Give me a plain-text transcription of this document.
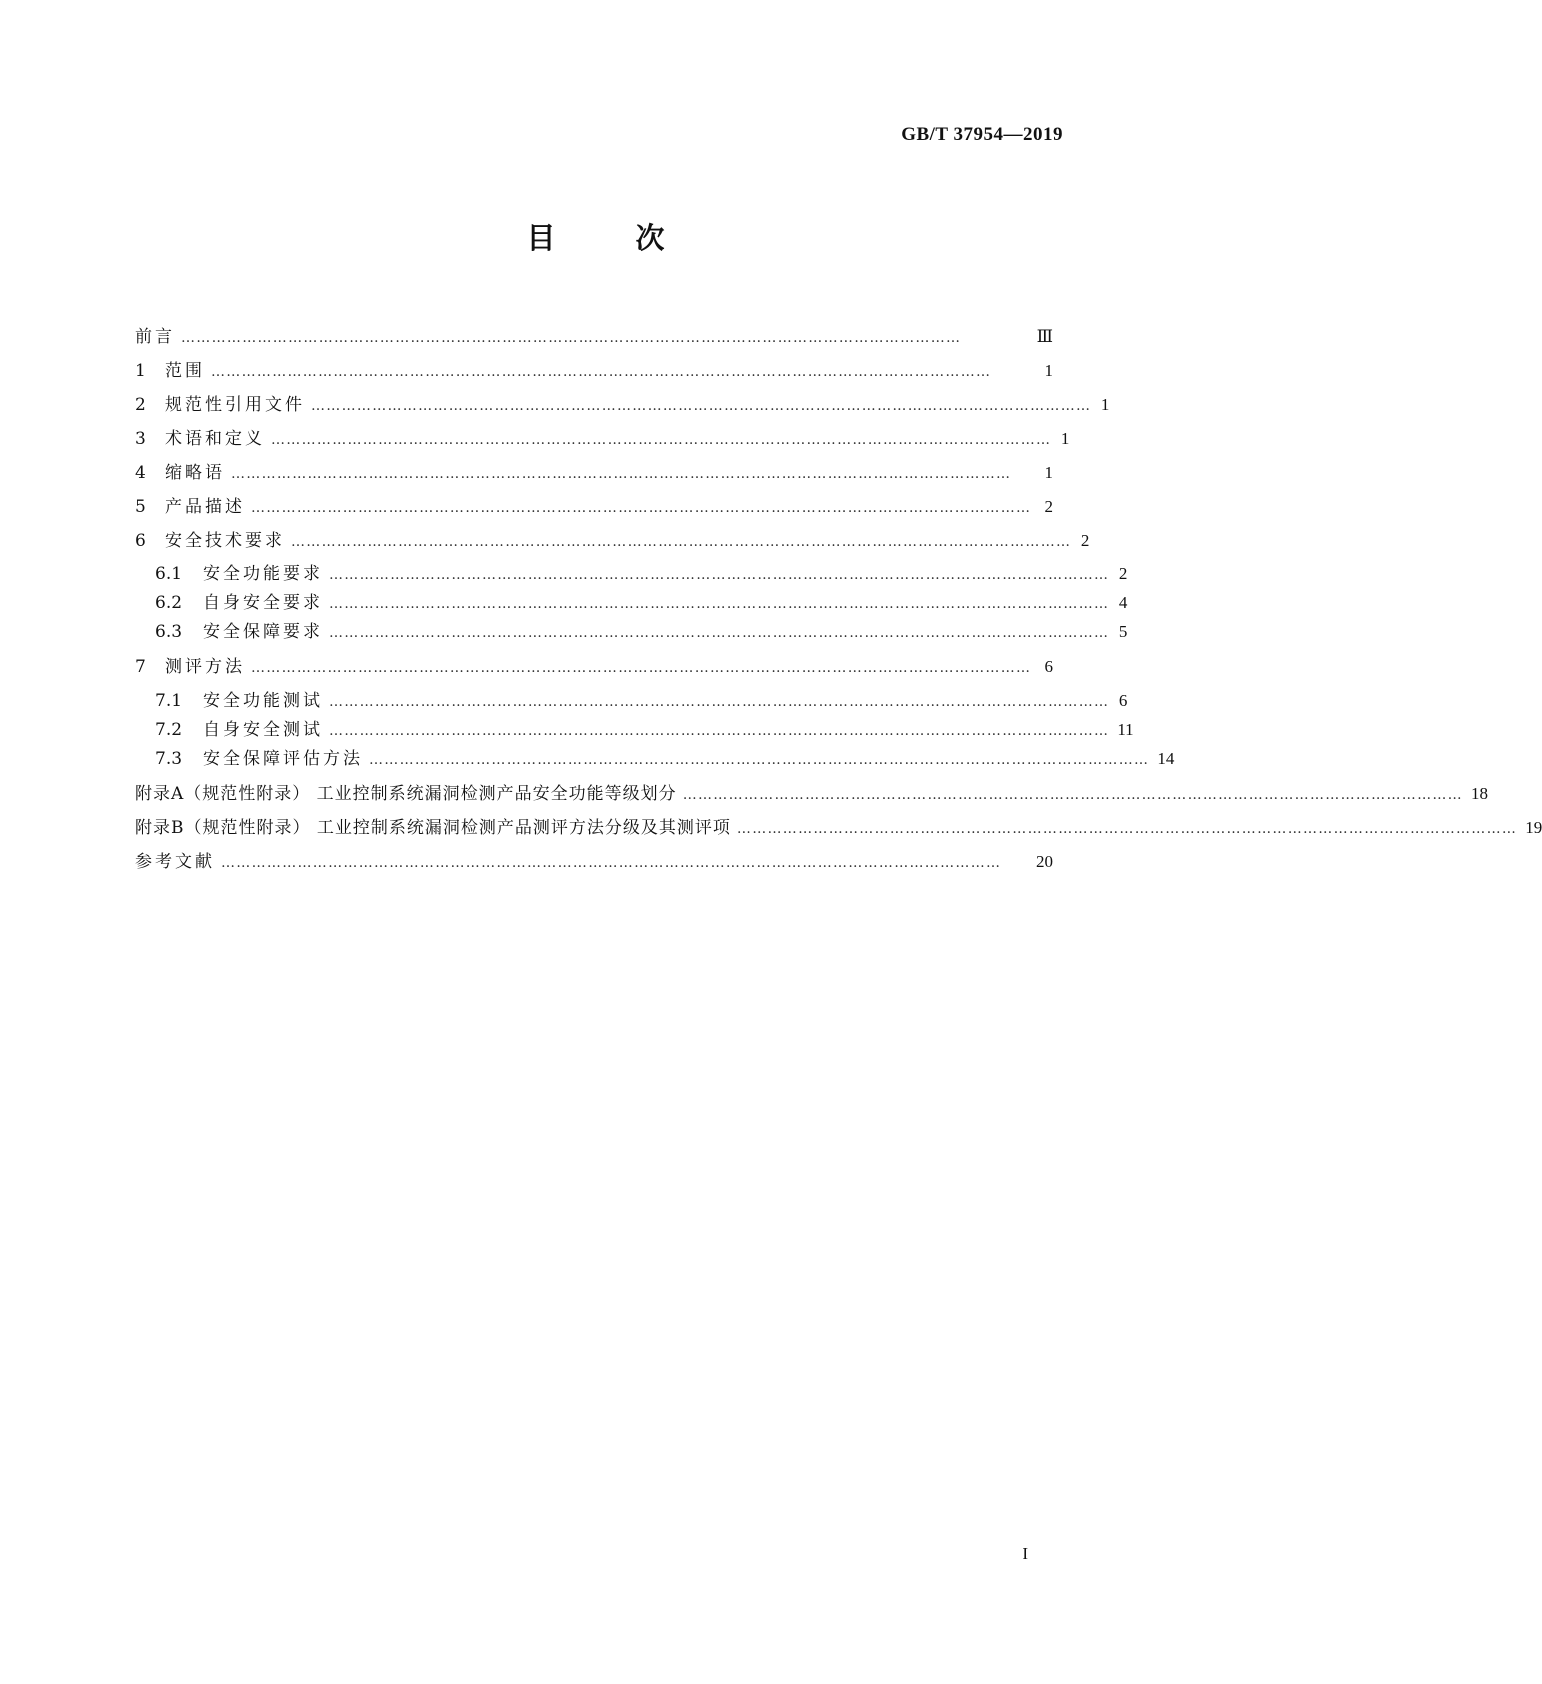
GB/T 37954—2019
目	次
前言 ………………………………………………………………………………………………………………………………………	Ⅲ
1	范围 ………………………………………………………………………………………………………………………………………	1
2	规范性引用文件 ……………………………………………………………………………………………………………………………………… 1
3	术语和定义 ……………………………………………………………………………………………………………………………………… 1
4	缩略语 ………………………………………………………………………………………………………………………………………	1
5	产品描述 ……………………………………………………………………………………………………………………………………… 2
6	安全技术要求 ……………………………………………………………………………………………………………………………………… 2
6.1	安全功能要求 ……………………………………………………………………………………………………………………………………… 2
6.2	自身安全要求 ……………………………………………………………………………………………………………………………………… 4
6.3	安全保障要求 ……………………………………………………………………………………………………………………………………… 5
7	测评方法 ……………………………………………………………………………………………………………………………………… 6
7.1	安全功能测试 ……………………………………………………………………………………………………………………………………… 6
7.2	自身安全测试 ……………………………………………………………………………………………………………………………………… 11
7.3	安全保障评估方法 ……………………………………………………………………………………………………………………………………… 14
附录A（规范性附录） 工业控制系统漏洞检测产品安全功能等级划分 ……………………………………………………………………………………………………………………………………… 18
附录B（规范性附录） 工业控制系统漏洞检测产品测评方法分级及其测评项 ……………………………………………………………………………………………………………………………………… 19
参考文献 ………………………………………………………………………………………………………………………………………	20
I
